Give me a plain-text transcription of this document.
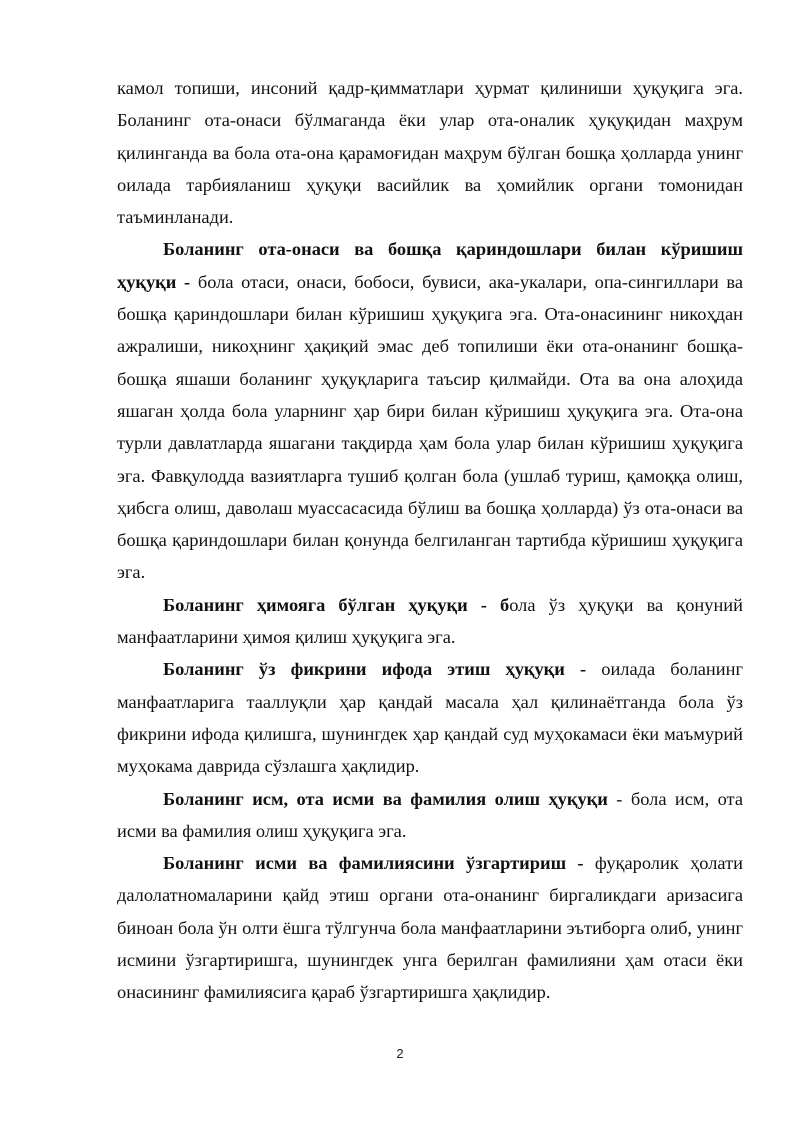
камол топиши, инсоний қадр-қимматлари ҳурмат қилиниши ҳуқуқига эга. Боланинг ота-онаси бўлмаганда ёки улар ота-оналик ҳуқуқидан маҳрум қилинганда ва бола ота-она қарамоғидан маҳрум бўлган бошқа ҳолларда унинг оилада тарбияланиш ҳуқуқи васийлик ва ҳомийлик органи томонидан таъминланади.

Боланинг ота-онаси ва бошқа қариндошлари билан кўришиш ҳуқуқи - бола отаси, онаси, бобоси, бувиси, ака-укалари, опа-сингиллари ва бошқа қариндошлари билан кўришиш ҳуқуқига эга. Ота-онасининг никоҳдан ажралиши, никоҳнинг ҳақиқий эмас деб топилиши ёки ота-онанинг бошқа-бошқа яшаши боланинг ҳуқуқларига таъсир қилмайди. Ота ва она алоҳида яшаган ҳолда бола уларнинг ҳар бири билан кўришиш ҳуқуқига эга. Ота-она турли давлатларда яшагани тақдирда ҳам бола улар билан кўришиш ҳуқуқига эга. Фавқулодда вазиятларга тушиб қолган бола (ушлаб туриш, қамоққа олиш, ҳибсга олиш, даволаш муассасасида бўлиш ва бошқа ҳолларда) ўз ота-онаси ва бошқа қариндошлари билан қонунда белгиланган тартибда кўришиш ҳуқуқига эга.

Боланинг ҳимояга бўлган ҳуқуқи - бола ўз ҳуқуқи ва қонуний манфаатларини ҳимоя қилиш ҳуқуқига эга.

Боланинг ўз фикрини ифода этиш ҳуқуқи - оилада боланинг манфаатларига тааллуқли ҳар қандай масала ҳал қилинаётганда бола ўз фикрини ифода қилишга, шунингдек ҳар қандай суд муҳокамаси ёки маъмурий муҳокама даврида сўзлашга ҳақлидир.

Боланинг исм, ота исми ва фамилия олиш ҳуқуқи - бола исм, ота исми ва фамилия олиш ҳуқуқига эга.

Боланинг исми ва фамилиясини ўзгартириш - фуқаролик ҳолати далолатномаларини қайд этиш органи ота-онанинг биргаликдаги аризасига биноан бола ўн олти ёшга тўлгунча бола манфаатларини эътиборга олиб, унинг исмини ўзгартиришга, шунингдек унга берилган фамилияни ҳам отаси ёки онасининг фамилиясига қараб ўзгартиришга ҳақлидир.

2
